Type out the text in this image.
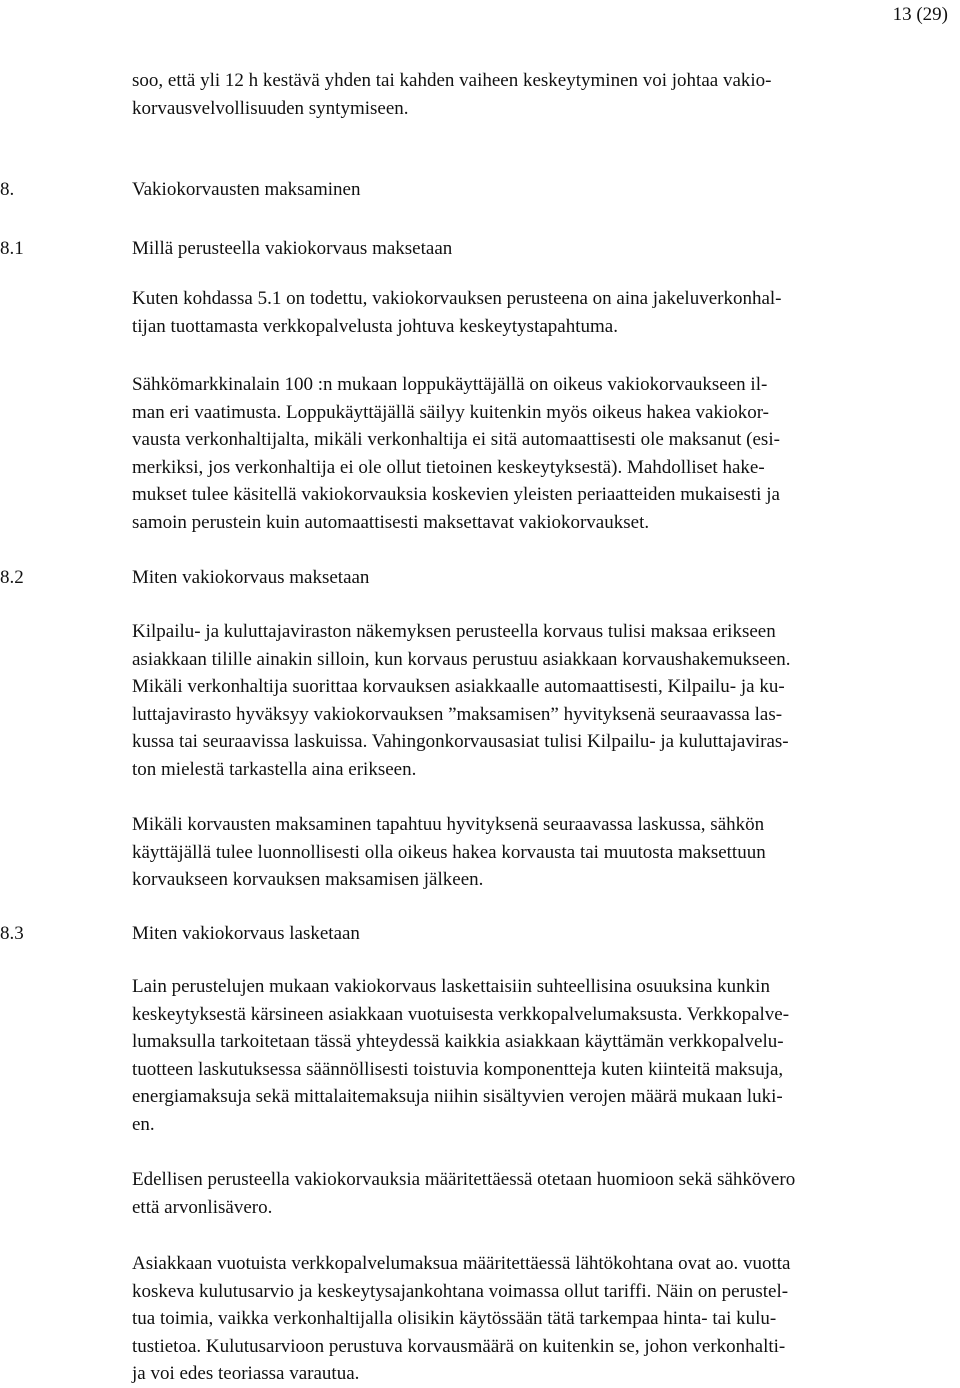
13 (29)
soo, että yli 12 h kestävä yhden tai kahden vaiheen keskeytyminen voi johtaa vakio-
korvausvelvollisuuden syntymiseen.
Kuten kohdassa 5.1 on todettu, vakiokorvauksen perusteena on aina jakeluverkonhal-
tijan tuottamasta verkkopalvelusta johtuva keskeytystapahtuma.
Sähkömarkkinalain 100 :n mukaan loppukäyttäjällä on oikeus vakiokorvaukseen il-
man eri vaatimusta. Loppukäyttäjällä säilyy kuitenkin myös oikeus hakea vakiokor-
vausta verkonhaltijalta, mikäli verkonhaltija ei sitä automaattisesti ole maksanut (esi-
merkiksi, jos verkonhaltija ei ole ollut tietoinen keskeytyksestä). Mahdolliset hake-
mukset tulee käsitellä vakiokorvauksia koskevien yleisten periaatteiden mukaisesti ja
samoin perustein kuin automaattisesti maksettavat vakiokorvaukset.
Kilpailu- ja kuluttajaviraston näkemyksen perusteella korvaus tulisi maksaa erikseen
asiakkaan tilille ainakin silloin, kun korvaus perustuu asiakkaan korvaushakemukseen.
Mikäli verkonhaltija suorittaa korvauksen asiakkaalle automaattisesti, Kilpailu- ja ku-
luttajavirasto hyväksyy vakiokorvauksen ”maksamisen” hyvityksenä seuraavassa las-
kussa tai seuraavissa laskuissa. Vahingonkorvausasiat tulisi Kilpailu- ja kuluttajaviras-
ton mielestä tarkastella aina erikseen.
Mikäli korvausten maksaminen tapahtuu hyvityksenä seuraavassa laskussa, sähkön
käyttäjällä tulee luonnollisesti olla oikeus hakea korvausta tai muutosta maksettuun
korvaukseen korvauksen maksamisen jälkeen.
Lain perustelujen mukaan vakiokorvaus laskettaisiin suhteellisina osuuksina kunkin
keskeytyksestä kärsineen asiakkaan vuotuisesta verkkopalvelumaksusta. Verkkopalve-
lumaksulla tarkoitetaan tässä yhteydessä kaikkia asiakkaan käyttämän verkkopalvelu-
tuotteen laskutuksessa säännöllisesti toistuvia komponentteja kuten kiinteitä maksuja,
energiamaksuja sekä mittalaitemaksuja niihin sisältyvien verojen määrä mukaan luki-
en.
Edellisen perusteella vakiokorvauksia määritettäessä otetaan huomioon sekä sähkövero
että arvonlisävero.
Asiakkaan vuotuista verkkopalvelumaksua määritettäessä lähtökohtana ovat ao. vuotta
koskeva kulutusarvio ja keskeytysajankohtana voimassa ollut tariffi. Näin on perustel-
tua toimia, vaikka verkonhaltijalla olisikin käytössään tätä tarkempaa hinta- tai kulu-
tustietoa. Kulutusarvioon perustuva korvausmäärä on kuitenkin se, johon verkonhalti-
ja voi edes teoriassa varautua.
8.	Vakiokorvausten maksaminen
8.1	Millä perusteella vakiokorvaus maksetaan
8.2	Miten vakiokorvaus maksetaan
8.3	Miten vakiokorvaus lasketaan
